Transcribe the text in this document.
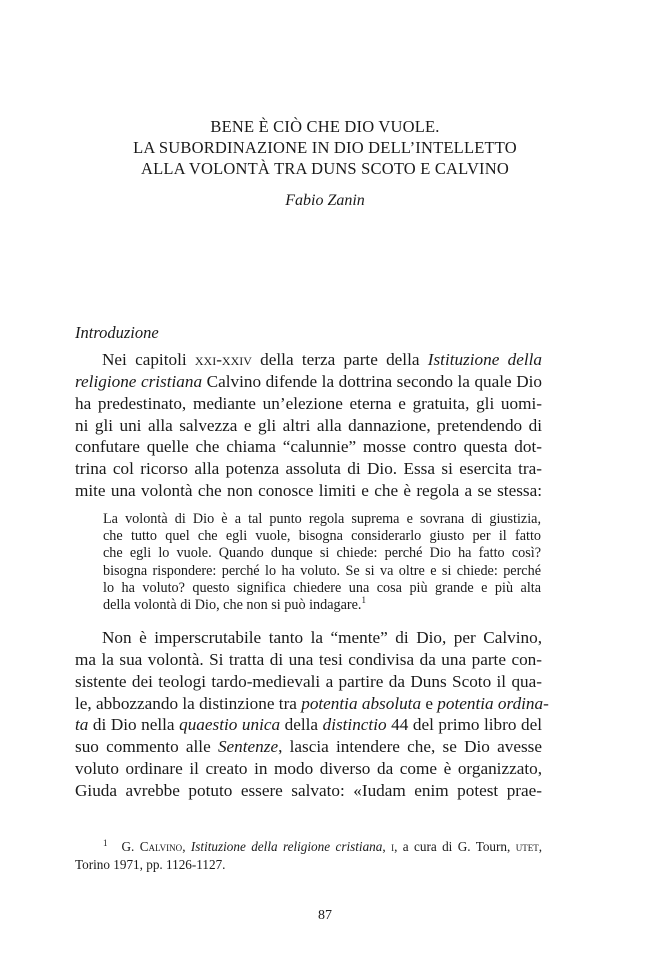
BENE È CIÒ CHE DIO VUOLE.
LA SUBORDINAZIONE IN DIO DELL’INTELLETTO
ALLA VOLONTÀ TRA DUNS SCOTO E CALVINO
Fabio Zanin
Introduzione
Nei capitoli xxi-xxiv della terza parte della Istituzione della
religione cristiana Calvino difende la dottrina secondo la quale Dio
ha predestinato, mediante un’elezione eterna e gratuita, gli uomi-
ni gli uni alla salvezza e gli altri alla dannazione, pretendendo di
confutare quelle che chiama “calunnie” mosse contro questa dot-
trina col ricorso alla potenza assoluta di Dio. Essa si esercita tra-
mite una volontà che non conosce limiti e che è regola a se stessa:
La volontà di Dio è a tal punto regola suprema e sovrana di giustizia,
che tutto quel che egli vuole, bisogna considerarlo giusto per il fatto
che egli lo vuole. Quando dunque si chiede: perché Dio ha fatto così?
bisogna rispondere: perché lo ha voluto. Se si va oltre e si chiede: perché
lo ha voluto? questo significa chiedere una cosa più grande e più alta
della volontà di Dio, che non si può indagare.$^1$
Non è imperscrutabile tanto la “mente” di Dio, per Calvino,
ma la sua volontà. Si tratta di una tesi condivisa da una parte con-
sistente dei teologi tardo-medievali a partire da Duns Scoto il qua-
le, abbozzando la distinzione tra potentia absoluta e potentia ordina-
ta di Dio nella quaestio unica della distinctio 44 del primo libro del
suo commento alle Sentenze, lascia intendere che, se Dio avesse
voluto ordinare il creato in modo diverso da come è organizzato,
Giuda avrebbe potuto essere salvato: «Iudam enim potest prae-
$^1$ G. Calvino, Istituzione della religione cristiana, i, a cura di G. Tourn, utet,
Torino 1971, pp. 1126-1127.
87
